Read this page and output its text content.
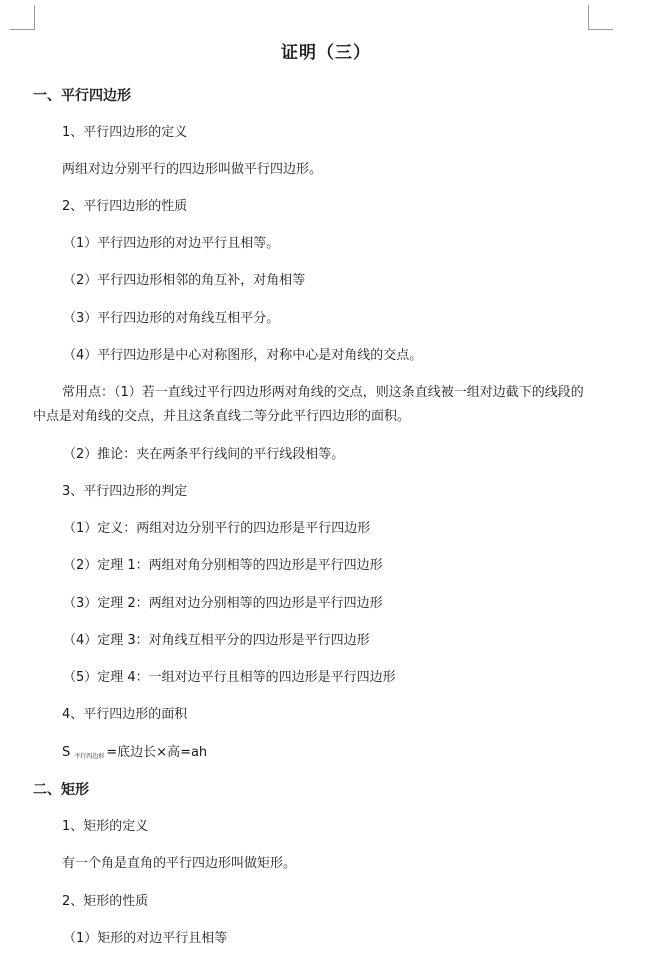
证明（三）
一、平行四边形
1、平行四边形的定义
两组对边分别平行的四边形叫做平行四边形。
2、平行四边形的性质
（1）平行四边形的对边平行且相等。
（2）平行四边形相邻的角互补，对角相等
（3）平行四边形的对角线互相平分。
（4）平行四边形是中心对称图形，对称中心是对角线的交点。
常用点：（1）若一直线过平行四边形两对角线的交点，则这条直线被一组对边截下的线段的中点是对角线的交点，并且这条直线二等分此平行四边形的面积。
（2）推论：夹在两条平行线间的平行线段相等。
3、平行四边形的判定
（1）定义：两组对边分别平行的四边形是平行四边形
（2）定理 1：两组对角分别相等的四边形是平行四边形
（3）定理 2：两组对边分别相等的四边形是平行四边形
（4）定理 3：对角线互相平分的四边形是平行四边形
（5）定理 4：一组对边平行且相等的四边形是平行四边形
4、平行四边形的面积
S $_{平行四边形}$ =底边长×高=ah
二、矩形
1、矩形的定义
有一个角是直角的平行四边形叫做矩形。
2、矩形的性质
（1）矩形的对边平行且相等
